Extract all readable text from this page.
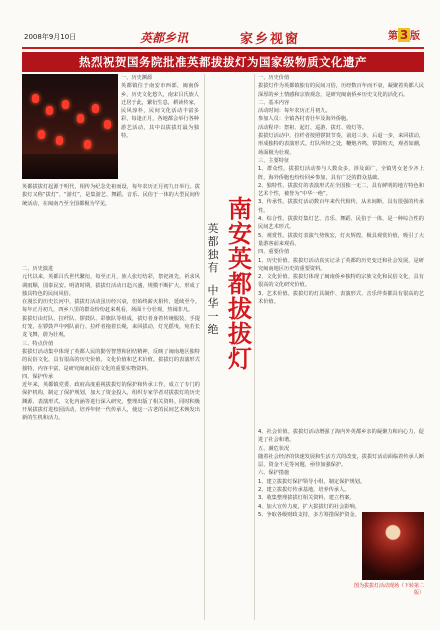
2008年9月10日	英都乡讯	家乡视窗	第 3 版
热烈祝贺国务院批准英都拔拔灯为国家级物质文化遗产
一、历史渊源
英都镇位于南安市西部，闽南侨乡，历史文化悠久，南宋吕氏族人迁居于此，繁衍生息，耕读传家，民风淳朴，民间文化活动丰富多彩，每逢正月，各地都会举行各种游艺活动，其中以拔拔灯最为独特。
英都拔拔灯起源于明代，相传为纪念先祖而设，每年农历正月初九日举行。拔拔灯又称“拔灯”、“游灯”，是集游艺、舞蹈、音乐、民俗于一体的大型民间传统活动，在闽南乃至全国都极为罕见。
二、历史演进
元代以来，英都吕氏世代繁衍，每至正月，族人张灯结彩，祭祀祖先，祈求风调雨顺，国泰民安。明清时期，拔拔灯活动日趋兴盛，规模不断扩大，形成了独具特色的民间风俗。
在漫长的历史长河中，拔拔灯活动虽历经兴衰，但始终薪火相传，延续至今。每年正月初九，四乡八里的群众纷纷赶来观看，场面十分壮观，热闹非凡。
拔拔灯由灯队、拉纤队、锣鼓队、彩旗队等组成，拔灯者身着传统服装，手提灯笼，在锣鼓声中列队前行。拉纤者拖着长绳，来回拔动，灯光摇曳，宛若长龙飞舞，蔚为壮观。
三、特点价值
拔拔灯活动集中体现了英都人民的勤劳智慧和团结精神，反映了闽南地区独特的民俗文化，具有很高的历史价值、文化价值和艺术价值。拔拔灯的表演形式独特，内容丰富，是研究闽南民俗文化的重要实物资料。
四、保护传承
近年来，英都镇党委、政府高度重视拔拔灯的保护和传承工作，成立了专门的保护机构，制定了保护规划，加大了资金投入，组织专家学者对拔拔灯的历史渊源、表演形式、文化内涵等进行深入研究，整理出版了相关资料。同时积极开展拔拔灯进校园活动，培养年轻一代传承人，使这一古老的民间艺术焕发出新的生机和活力。
南
安
英
都
拔
拔
灯
英
都
独
有
中
华
一
绝
一、历史价值
拔拔灯作为英都镇独有的民间习俗，历经数百年而不衰，凝聚着英都人民深厚的乡土情感和宗族观念，是研究闽南侨乡历史文化的活化石。
二、基本内容
活动时间：每年农历正月初九。
参加人员：全镇各村青壮年及海外侨胞。
活动程序：祭祖、起灯、巡游、拔灯、收灯等。
拔拔灯活动中，拉纤者按照锣鼓节奏，前进三步，后退一步，来回拔动，形成独特的表演形式。灯队所经之处，鞭炮齐鸣，锣鼓喧天，观者如潮，场面极为壮观。
三、主要特征
1、群众性。拔拔灯活动参与人数众多，涉及面广，全镇男女老少齐上阵，海外侨胞也纷纷回乡参加，具有广泛的群众基础。
2、独特性。拔拔灯的表演形式在全国独一无二，具有鲜明的地方特色和艺术个性，被誉为“中华一绝”。
3、传承性。拔拔灯活动数百年来代代相传，从未间断，具有很强的传承性。
4、综合性。拔拔灯集灯艺、音乐、舞蹈、民俗于一体，是一种综合性的民间艺术形式。
5、观赏性。拔拔灯表演气势恢宏，灯火辉煌，极具观赏价值，吸引了大量游客前来观看。
四、重要价值
1、历史价值。拔拔灯活动真实记录了英都的历史变迁和社会发展，是研究闽南地区历史的重要资料。
2、文化价值。拔拔灯体现了闽南侨乡独特的宗族文化和民俗文化，具有很高的文化研究价值。
3、艺术价值。拔拔灯的灯具制作、表演形式、音乐伴奏都具有很高的艺术价值。
4、社会价值。拔拔灯活动增强了海内外英都乡亲的凝聚力和向心力，促进了社会和谐。
五、濒危状况
随着社会经济的快速发展和生活方式的改变，拔拔灯活动面临着传承人断层、资金不足等问题，亟待加强保护。
六、保护措施
1、建立拔拔灯保护领导小组，制定保护规划。
2、建立拔拔灯传承基地，培养传承人。
3、收集整理拔拔灯相关资料，建立档案。
4、加大宣传力度，扩大拔拔灯的社会影响。
5、争取各级财政支持，多方筹措保护资金。
图为拔拔灯活动现场（下转第二版）
